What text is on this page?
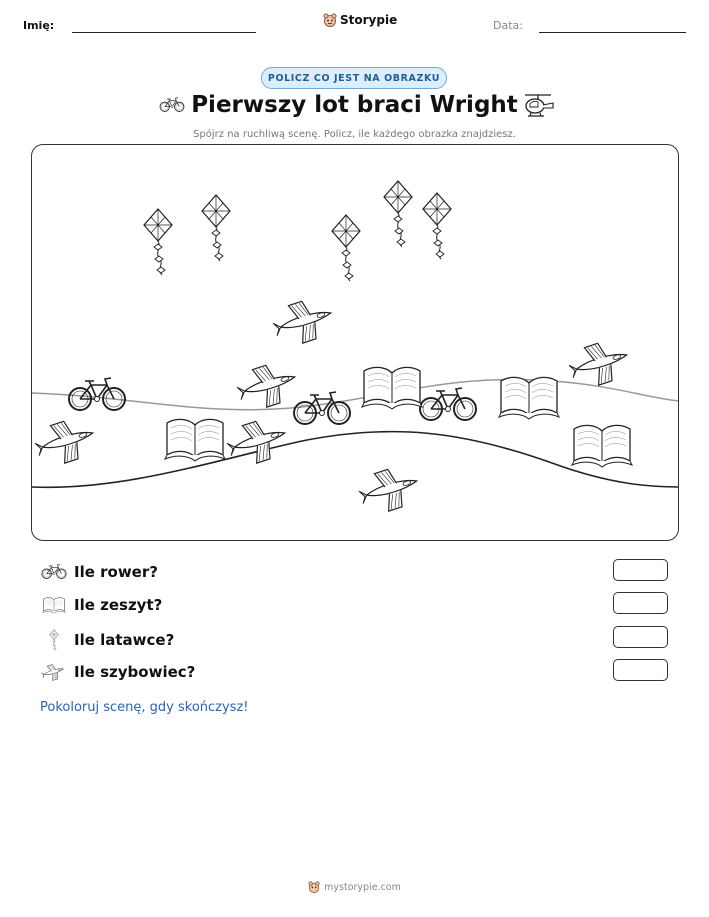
Imię:	Storypie	Data:
POLICZ CO JEST NA OBRAZKU
Pierwszy lot braci Wright
Spójrz na ruchliwą scenę. Policz, ile każdego obrazka znajdziesz.
Ile rower?
Ile zeszyt?
Ile latawce?
Ile szybowiec?
Pokoloruj scenę, gdy skończysz!
mystorypie.com
